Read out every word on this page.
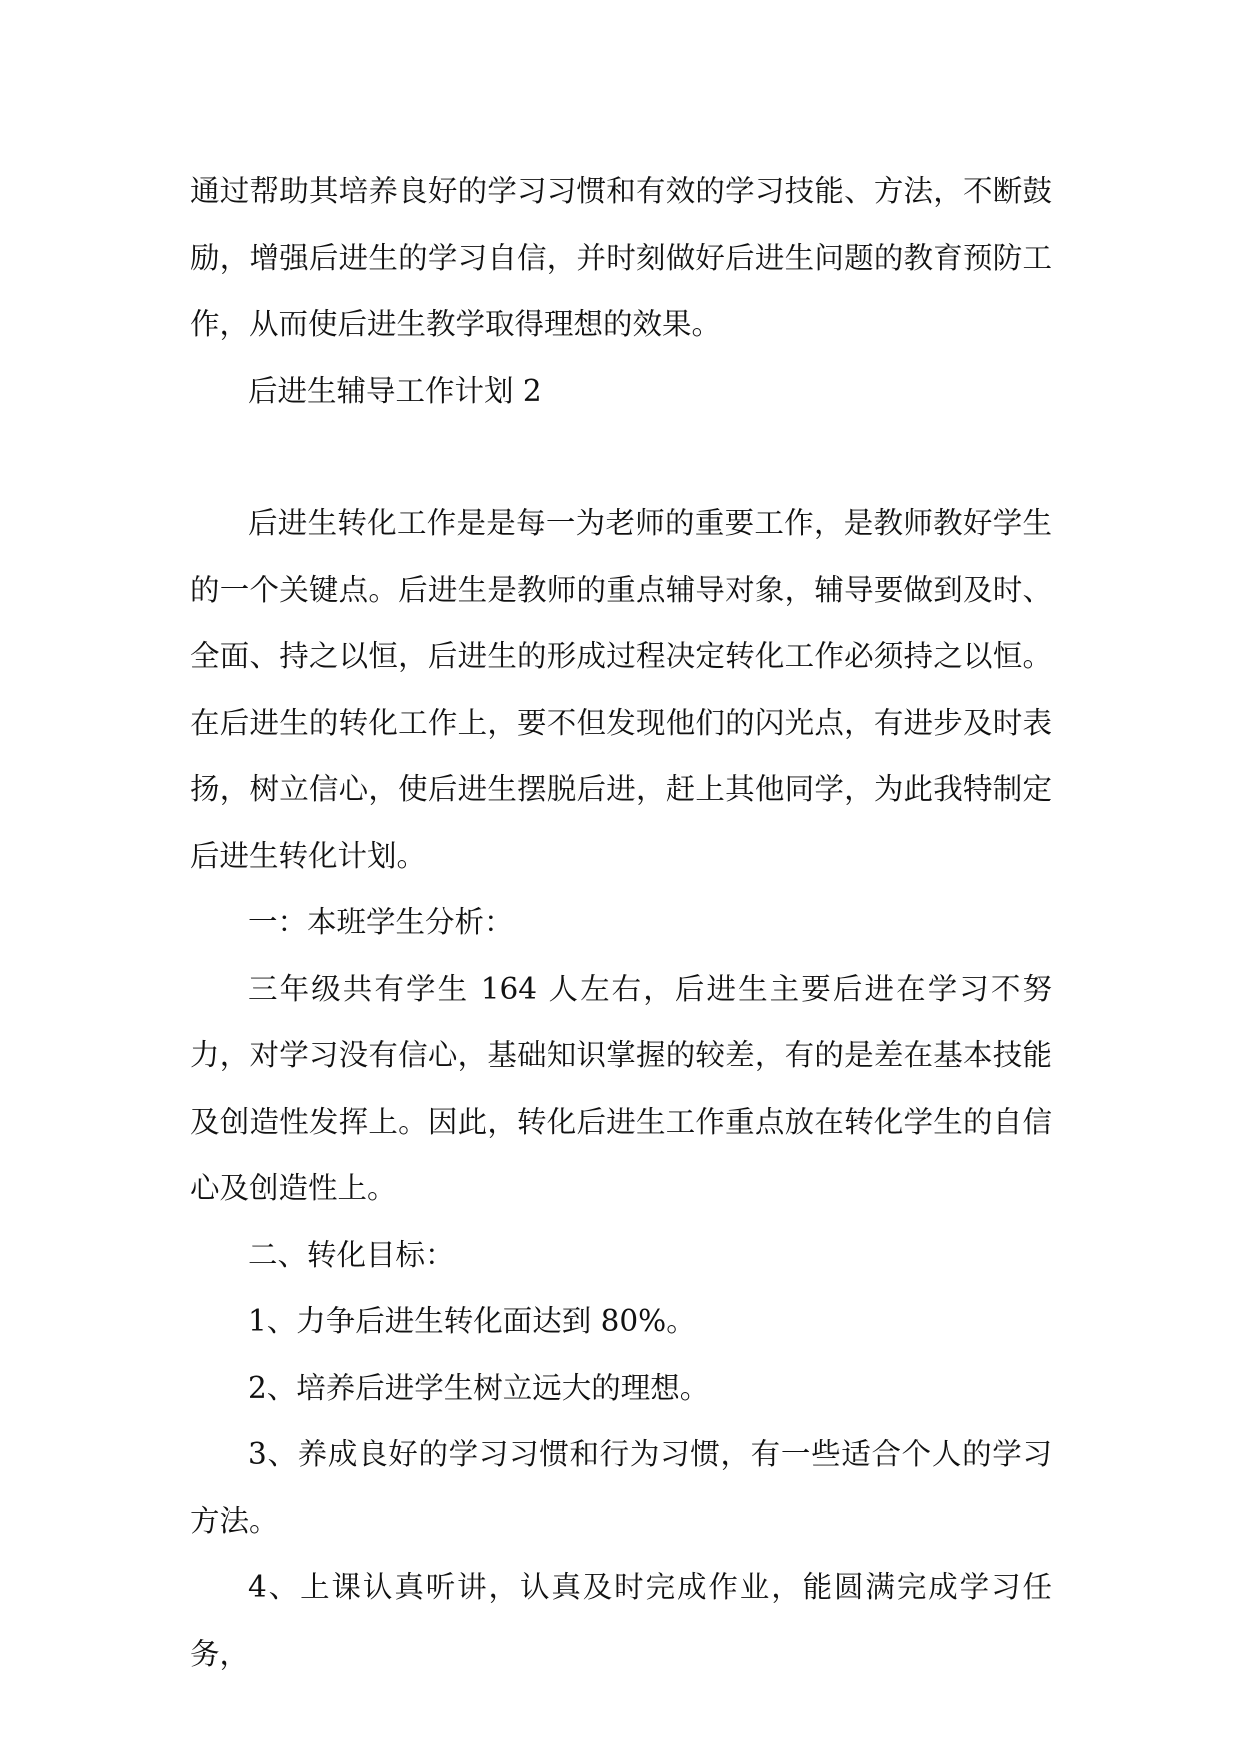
通过帮助其培养良好的学习习惯和有效的学习技能、方法，不断鼓励，增强后进生的学习自信，并时刻做好后进生问题的教育预防工作，从而使后进生教学取得理想的效果。

后进生辅导工作计划 2

后进生转化工作是是每一为老师的重要工作，是教师教好学生的一个关键点。后进生是教师的重点辅导对象，辅导要做到及时、全面、持之以恒，后进生的形成过程决定转化工作必须持之以恒。在后进生的转化工作上，要不但发现他们的闪光点，有进步及时表扬，树立信心，使后进生摆脱后进，赶上其他同学，为此我特制定后进生转化计划。

一：本班学生分析：

三年级共有学生 164 人左右，后进生主要后进在学习不努力，对学习没有信心，基础知识掌握的较差，有的是差在基本技能及创造性发挥上。因此，转化后进生工作重点放在转化学生的自信心及创造性上。

二、转化目标：

1、力争后进生转化面达到 80%。

2、培养后进学生树立远大的理想。

3、养成良好的学习习惯和行为习惯，有一些适合个人的学习方法。

4、上课认真听讲，认真及时完成作业，能圆满完成学习任务，
